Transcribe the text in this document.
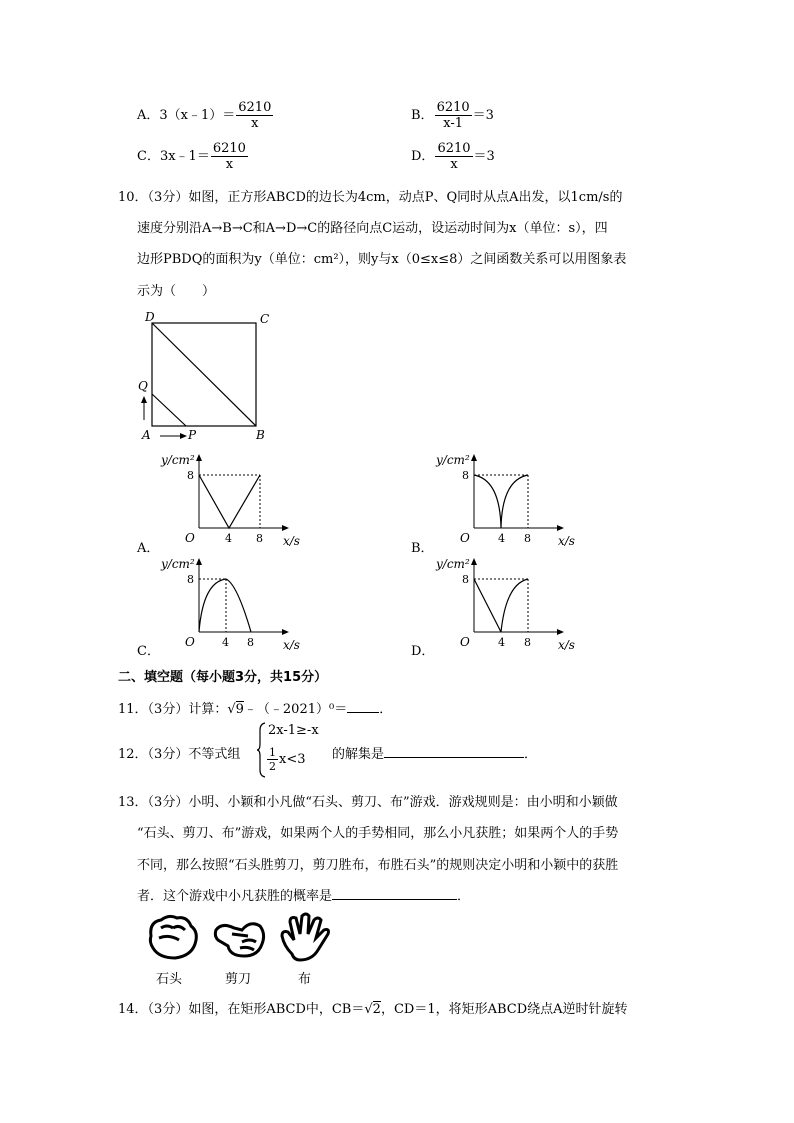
A．3（x﹣1）＝ $\frac{6210}{x}$	B． $\frac{6210}{x-1} =3$
C．3x﹣1＝ $\frac{6210}{x}$	D． $\frac{6210}{x} =3$
10．（3分）如图，正方形ABCD的边长为4cm，动点P、Q同时从点A出发，以1cm/s的
速度分别沿A→B→C和A→D→C的路径向点C运动，设运动时间为x（单位：s），四
边形PBDQ的面积为y（单位：cm²），则y与x（0≤x≤8）之间函数关系可以用图象表
示为（　　）
D	C
Q
A	P	B
A．
y/cm²
8
O	4 8 x/s	B．
y/cm²
8
O	4 8 x/s
C．
y/cm²
8
O 4 8 x/s	D．
y/cm²
8
O	4 8 x/s
二、填空题（每小题3分，共15分）
11．（3分）计算：√9﹣（﹣2021）⁰＝ ．
12．（3分）不等式组
2x-1≥-x
$\frac{1}{2} x<3$ 的解集是	．
13．（3分）小明、小颖和小凡做“石头、剪刀、布”游戏．游戏规则是：由小明和小颖做
“石头、剪刀、布”游戏，如果两个人的手势相同，那么小凡获胜；如果两个人的手势
不同，那么按照“石头胜剪刀，剪刀胜布，布胜石头”的规则决定小明和小颖中的获胜
者．这个游戏中小凡获胜的概率是	．
石头	剪刀	布
14．（3分）如图，在矩形ABCD中，CB＝√2，CD＝1，将矩形ABCD绕点A逆时针旋转
